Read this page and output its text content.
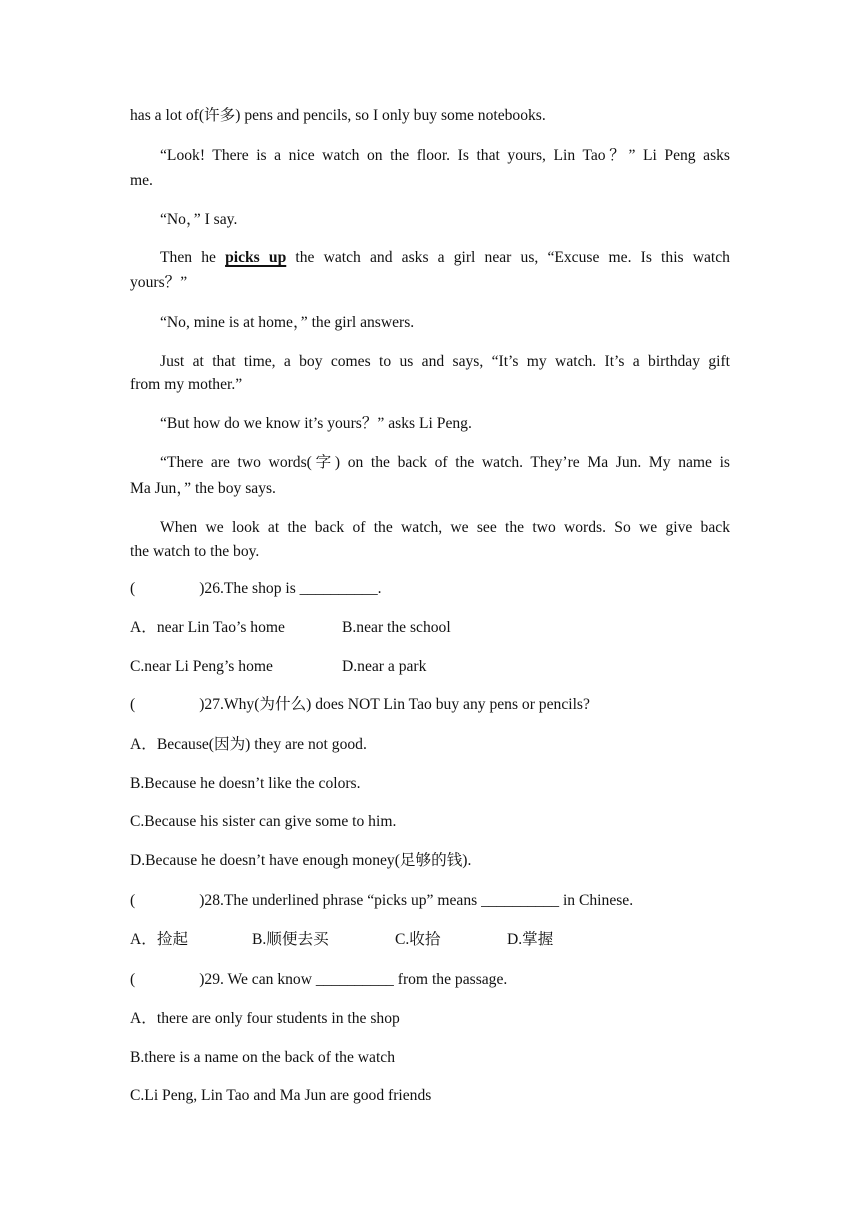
has a lot of(许多) pens and pencils, so I only buy some notebooks.
“Look! There is a nice watch on the floor. Is that yours, Lin Tao？” Li Peng asks
me.
“No，” I say.
Then he picks up the watch and asks a girl near us, “Excuse me. Is this watch
yours？”
“No, mine is at home，” the girl answers.
Just at that time, a boy comes to us and says, “It’s my watch. It’s a birthday gift
from my mother.”
“But how do we know it’s yours？” asks Li Peng.
“There are two words(字) on the back of the watch. They’re Ma Jun. My name is
Ma Jun，” the boy says.
When we look at the back of the watch, we see the two words. So we give back
the watch to the boy.
(	)26.The shop is __________.
A．near Lin Tao’s home	B.near the school
C.near Li Peng’s home	D.near a park
(	)27.Why(为什么) does NOT Lin Tao buy any pens or pencils?
A．Because(因为) they are not good.
B.Because he doesn’t like the colors.
C.Because his sister can give some to him.
D.Because he doesn’t have enough money(足够的钱).
(	)28.The underlined phrase “picks up” means __________ in Chinese.
A．捡起	B.顺便去买	C.收拾	D.掌握
(	)29. We can know __________ from the passage.
A．there are only four students in the shop
B.there is a name on the back of the watch
C.Li Peng, Lin Tao and Ma Jun are good friends
